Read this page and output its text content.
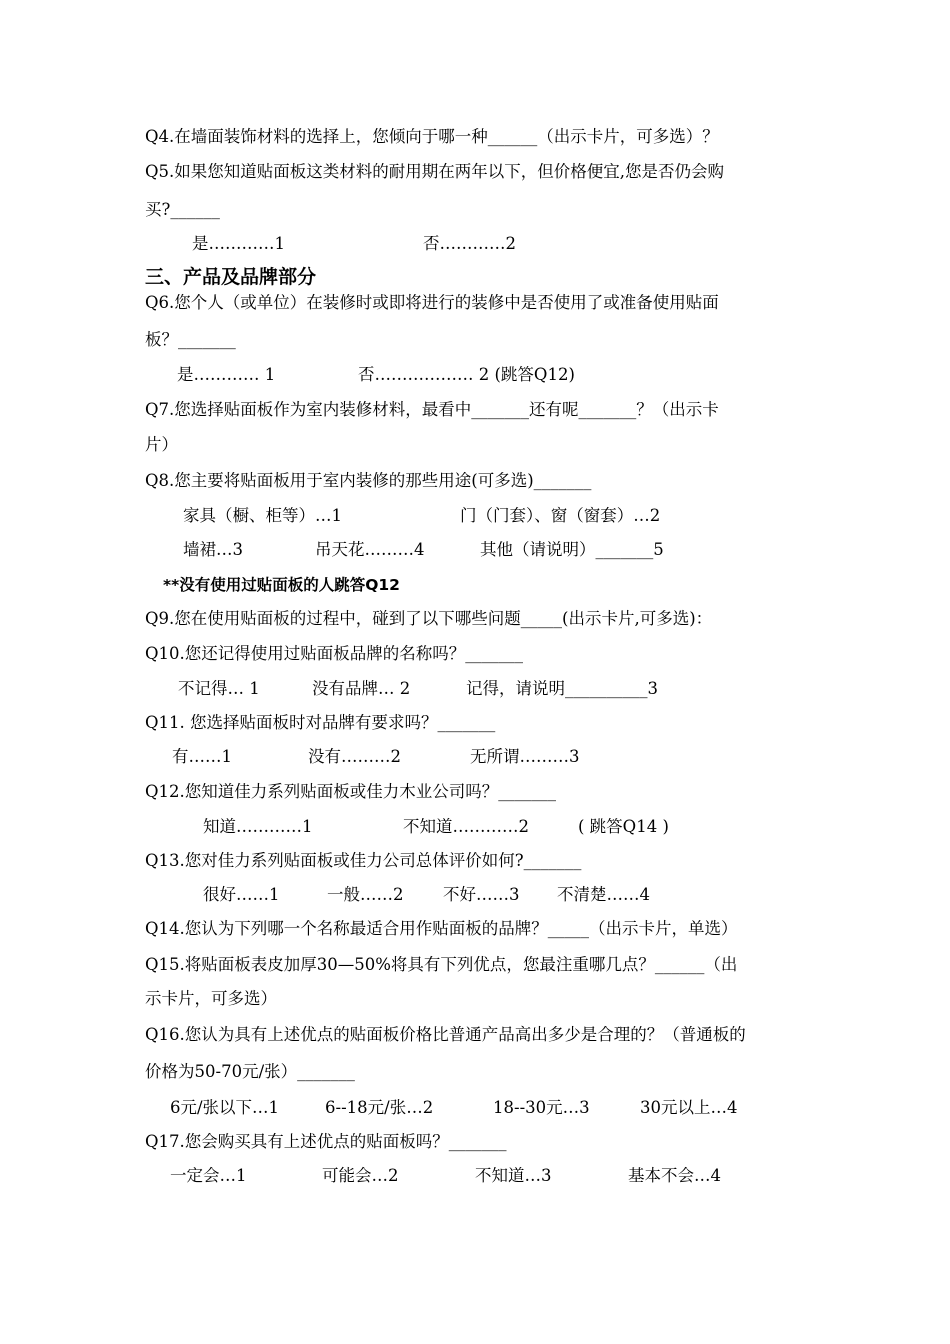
Q4.在墙面装饰材料的选择上，您倾向于哪一种______（出示卡片，可多选）？

Q5.如果您知道贴面板这类材料的耐用期在两年以下，但价格便宜,您是否仍会购

买?______

是…………1	否…………2
三、产品及品牌部分

Q6.您个人（或单位）在装修时或即将进行的装修中是否使用了或准备使用贴面

板？_______

是………… 1	否……………… 2 (跳答Q12)

Q7.您选择贴面板作为室内装修材料，最看中_______还有呢_______？（出示卡

片）

Q8.您主要将贴面板用于室内装修的那些用途(可多选)_______

家具（橱、柜等）…1	门（门套）、窗（窗套）…2
墙裙…3	吊天花………4	其他（请说明）_______5
**没有使用过贴面板的人跳答Q12

Q9.您在使用贴面板的过程中，碰到了以下哪些问题_____(出示卡片,可多选)：

Q10.您还记得使用过贴面板品牌的名称吗？_______

不记得… 1	没有品牌… 2	记得，请说明__________3

Q11. 您选择贴面板时对品牌有要求吗？_______

有……1	没有………2	无所谓………3

Q12.您知道佳力系列贴面板或佳力木业公司吗？_______

知道…………1	不知道…………2	( 跳答Q14 )

Q13.您对佳力系列贴面板或佳力公司总体评价如何?_______

很好……1	一般……2 不好……3 不清楚……4

Q14.您认为下列哪一个名称最适合用作贴面板的品牌？_____（出示卡片，单选）

Q15.将贴面板表皮加厚30—50%将具有下列优点，您最注重哪几点？______（出

示卡片，可多选）

Q16.您认为具有上述优点的贴面板价格比普通产品高出多少是合理的？（普通板的

价格为50-70元/张）_______

6元/张以下…1	6--18元/张…2	18--30元…3	30元以上…4

Q17.您会购买具有上述优点的贴面板吗？_______

一定会…1	可能会…2	不知道…3	基本不会…4
